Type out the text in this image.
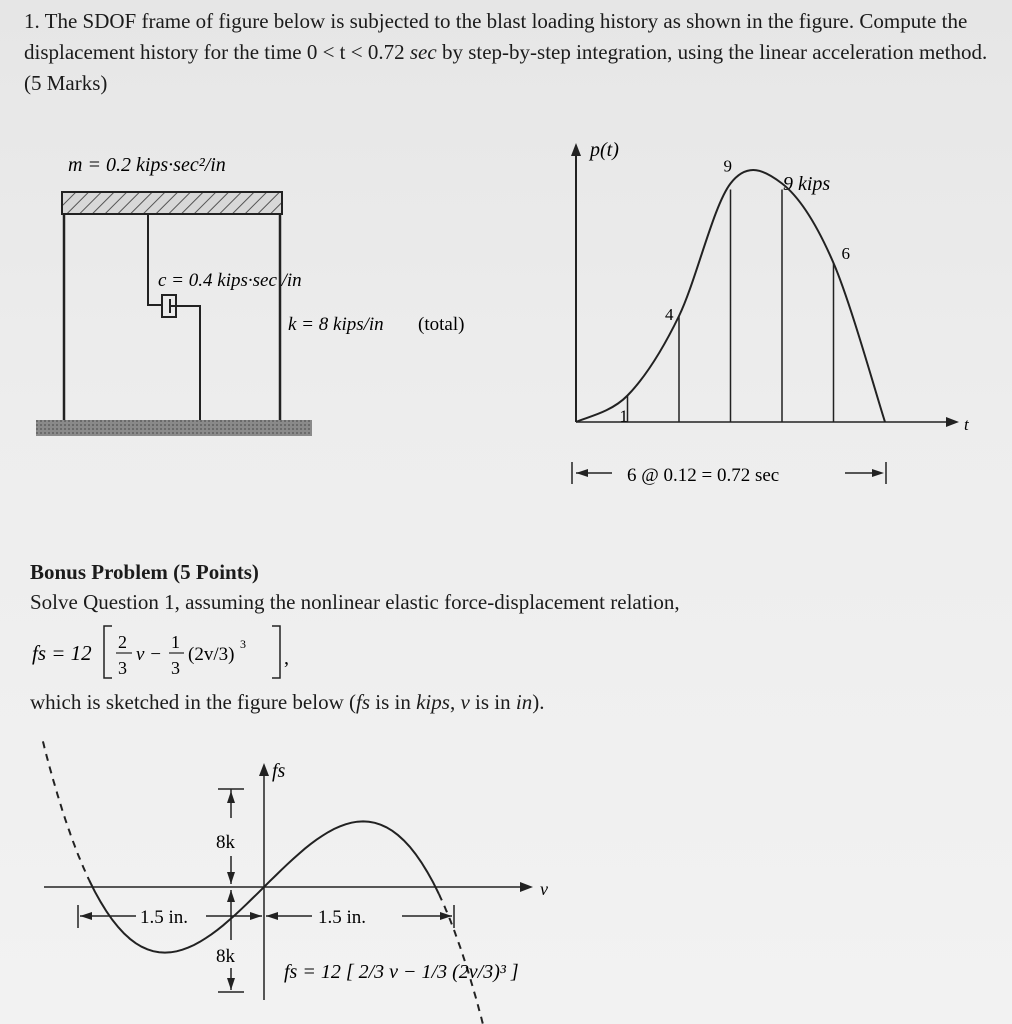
1. The SDOF frame of figure below is subjected to the blast loading history as shown in the figure. Compute the displacement history for the time 0 < t < 0.72 sec by step-by-step integration, using the linear acceleration method. (5 Marks)

m = 0.2 kips·sec²/in
c = 0.4 kips·sec /in
k = 8 kips/in (total)
p(t)
t
9 kips
1
4
9
6
6 @ 0.12 = 0.72 sec
fs
v
8k
8k
1.5 in.	1.5 in.
fs = 12 [ 2/3 v − 1/3 (2v/3)³ ]
fs = 12 2
3
v −
1
3
(2v/3) 3
,
Bonus Problem (5 Points)
Solve Question 1, assuming the nonlinear elastic force-displacement relation,
which is sketched in the figure below (fs is in kips, v is in in).
